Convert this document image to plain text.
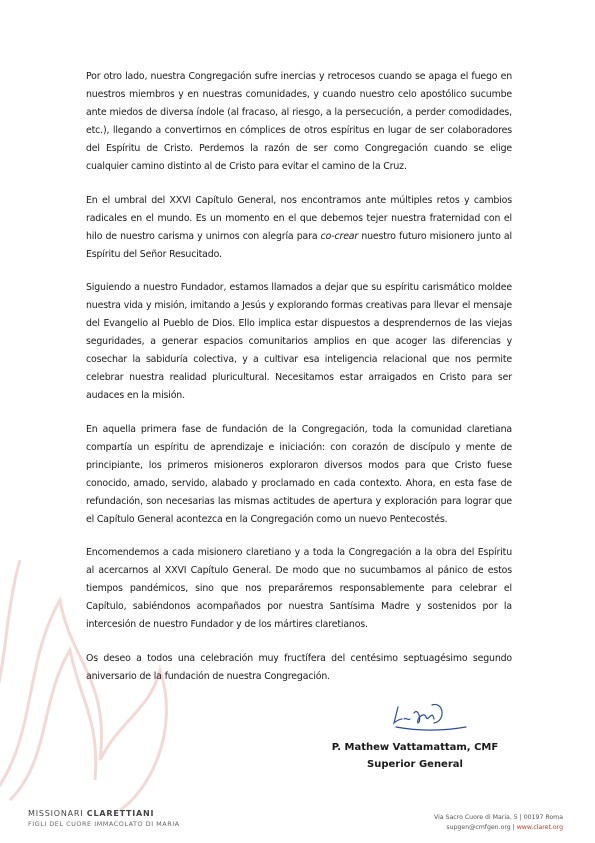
Por otro lado, nuestra Congregación sufre inercias y retrocesos cuando se apaga el fuego en nuestros miembros y en nuestras comunidades, y cuando nuestro celo apostólico sucumbe ante miedos de diversa índole (al fracaso, al riesgo, a la persecución, a perder comodidades, etc.), llegando a convertirnos en cómplices de otros espíritus en lugar de ser colaboradores del Espíritu de Cristo. Perdemos la razón de ser como Congregación cuando se elige cualquier camino distinto al de Cristo para evitar el camino de la Cruz.

En el umbral del XXVI Capítulo General, nos encontramos ante múltiples retos y cambios radicales en el mundo. Es un momento en el que debemos tejer nuestra fraternidad con el hilo de nuestro carisma y unirnos con alegría para co-crear nuestro futuro misionero junto al Espíritu del Señor Resucitado.

Siguiendo a nuestro Fundador, estamos llamados a dejar que su espíritu carismático moldee nuestra vida y misión, imitando a Jesús y explorando formas creativas para llevar el mensaje del Evangelio al Pueblo de Dios. Ello implica estar dispuestos a desprendernos de las viejas seguridades, a generar espacios comunitarios amplios en que acoger las diferencias y cosechar la sabiduría colectiva, y a cultivar esa inteligencia relacional que nos permite celebrar nuestra realidad pluricultural. Necesitamos estar arraigados en Cristo para ser audaces en la misión.

En aquella primera fase de fundación de la Congregación, toda la comunidad claretiana compartía un espíritu de aprendizaje e iniciación: con corazón de discípulo y mente de principiante, los primeros misioneros exploraron diversos modos para que Cristo fuese conocido, amado, servido, alabado y proclamado en cada contexto. Ahora, en esta fase de refundación, son necesarias las mismas actitudes de apertura y exploración para lograr que el Capítulo General acontezca en la Congregación como un nuevo Pentecostés.

Encomendemos a cada misionero claretiano y a toda la Congregación a la obra del Espíritu al acercarnos al XXVI Capítulo General. De modo que no sucumbamos al pánico de estos tiempos pandémicos, sino que nos preparáremos responsablemente para celebrar el Capítulo, sabiéndonos acompañados por nuestra Santísima Madre y sostenidos por la intercesión de nuestro Fundador y de los mártires claretianos.

Os deseo a todos una celebración muy fructífera del centésimo septuagésimo segundo aniversario de la fundación de nuestra Congregación.

P. Mathew Vattamattam, CMF
Superior General
MISSIONARI CLARETTIANI
FIGLI DEL CUORE IMMACOLATO DI MARIA
Via Sacro Cuore di Maria, 5 | 00197 Roma
supgen@cmfgen.org | www.claret.org
